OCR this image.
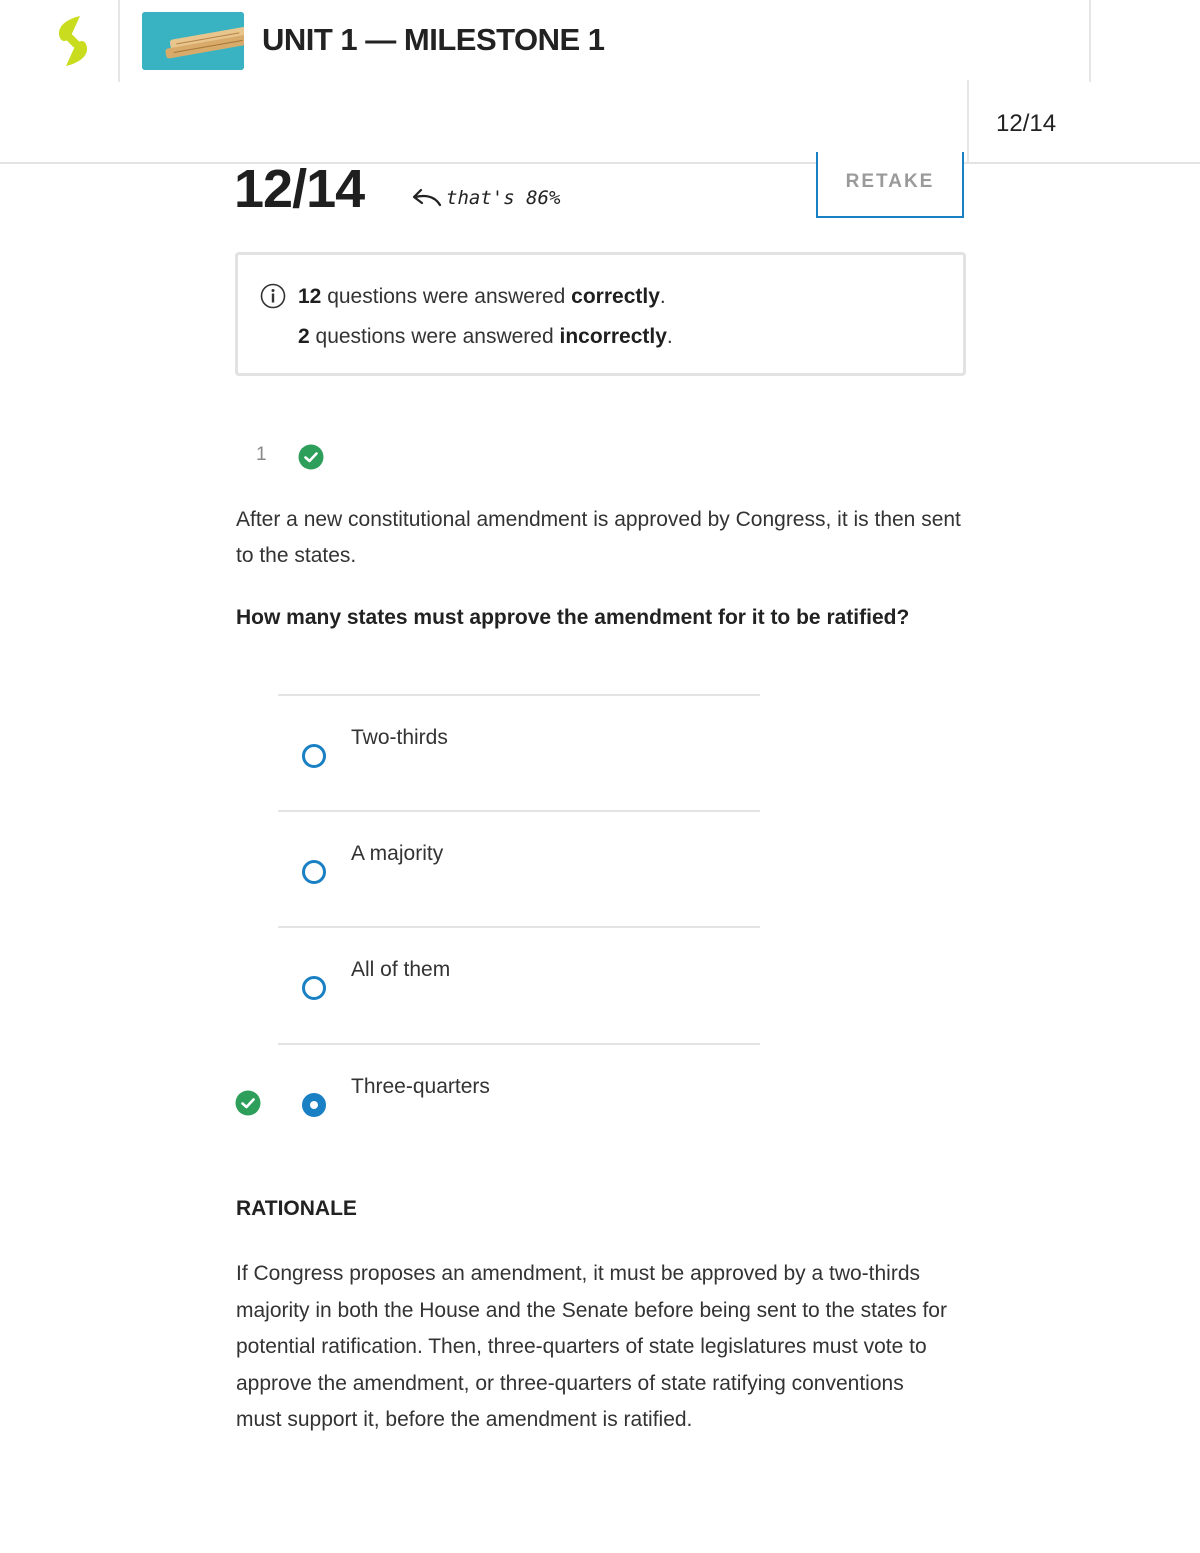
UNIT 1 — MILESTONE 1
12/14
12/14	that's 86%
RETAKE
12 questions were answered correctly.
2 questions were answered incorrectly.
1
After a new constitutional amendment is approved by Congress, it is then sent to the states.
How many states must approve the amendment for it to be ratified?
Two-thirds
A majority
All of them
Three-quarters
RATIONALE
If Congress proposes an amendment, it must be approved by a two-thirds majority in both the House and the Senate before being sent to the states for potential ratification. Then, three-quarters of state legislatures must vote to approve the amendment, or three-quarters of state ratifying conventions must support it, before the amendment is ratified.
